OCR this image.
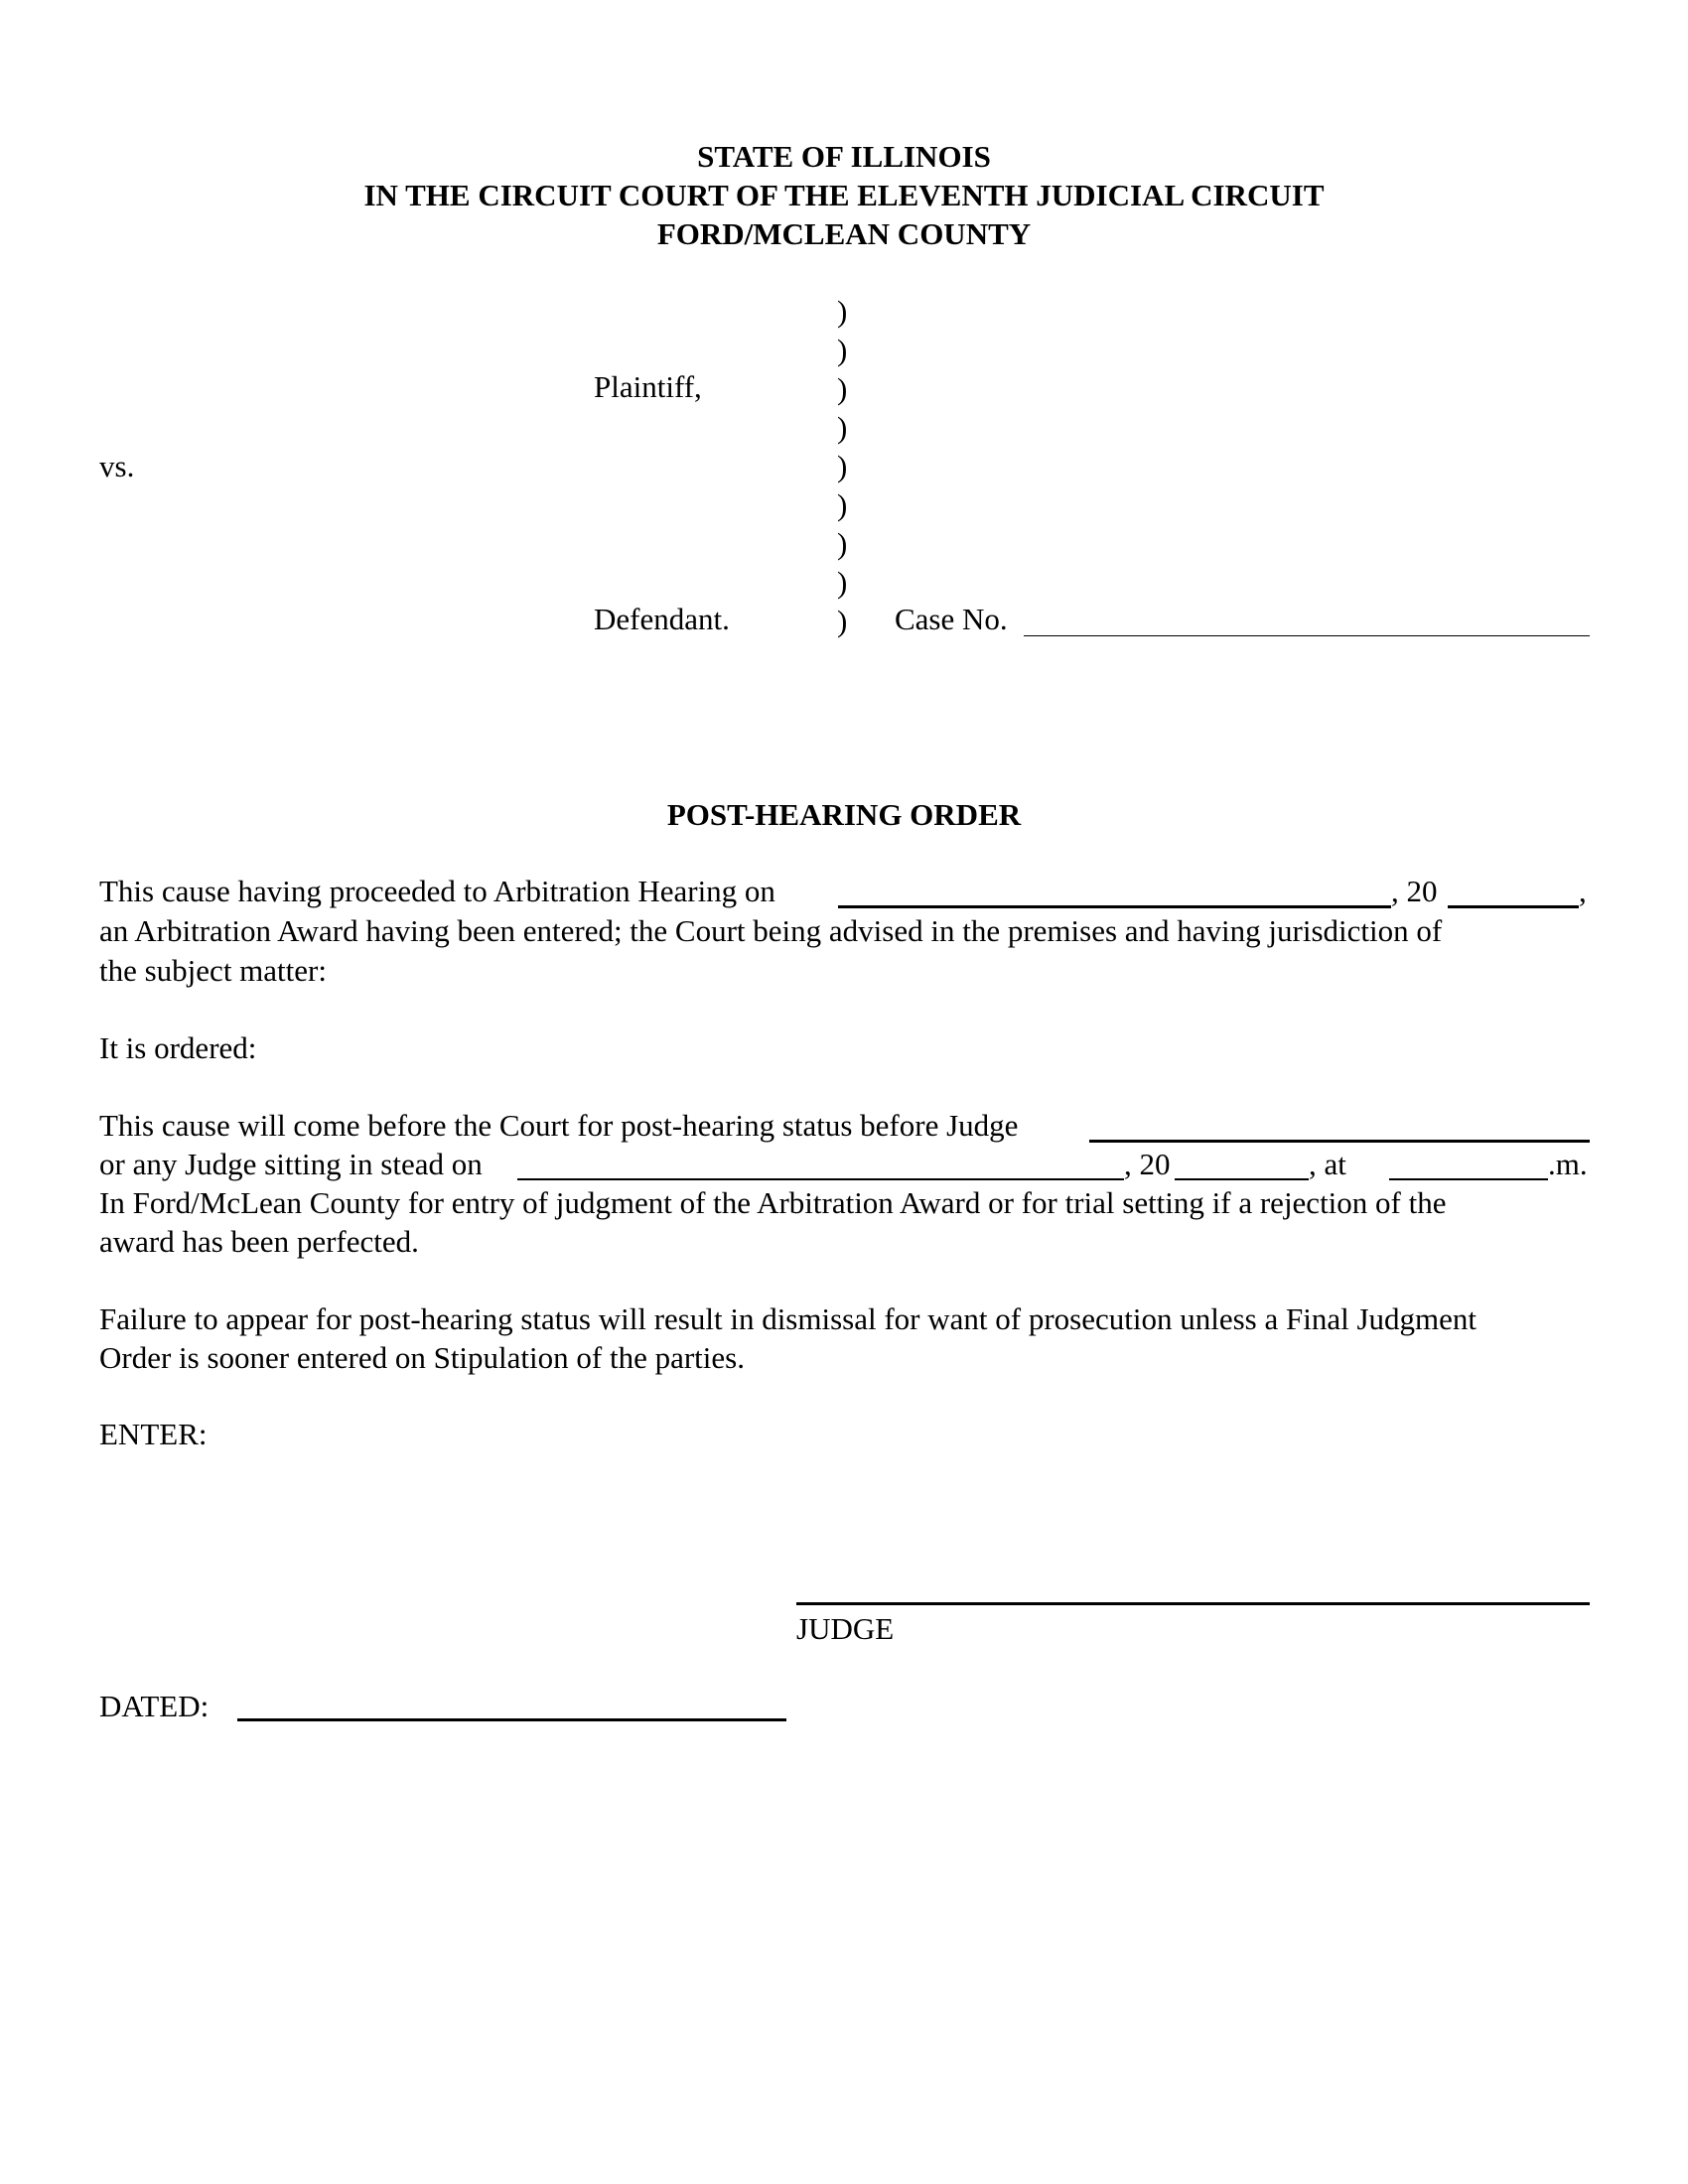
STATE OF ILLINOIS
IN THE CIRCUIT COURT OF THE ELEVENTH JUDICIAL CIRCUIT
FORD/MCLEAN COUNTY
Plaintiff,
vs.
Defendant.
)
)
)
)
)
)
)
)
) Case No.
POST-HEARING ORDER
This cause having proceeded to Arbitration Hearing on	, 20	,
an Arbitration Award having been entered; the Court being advised in the premises and having jurisdiction of
the subject matter:
It is ordered:
This cause will come before the Court for post-hearing status before Judge
or any Judge sitting in stead on	, 20	, at	.m.
In Ford/McLean County for entry of judgment of the Arbitration Award or for trial setting if a rejection of the
award has been perfected.
Failure to appear for post-hearing status will result in dismissal for want of prosecution unless a Final Judgment
Order is sooner entered on Stipulation of the parties.
ENTER:
JUDGE
DATED:
